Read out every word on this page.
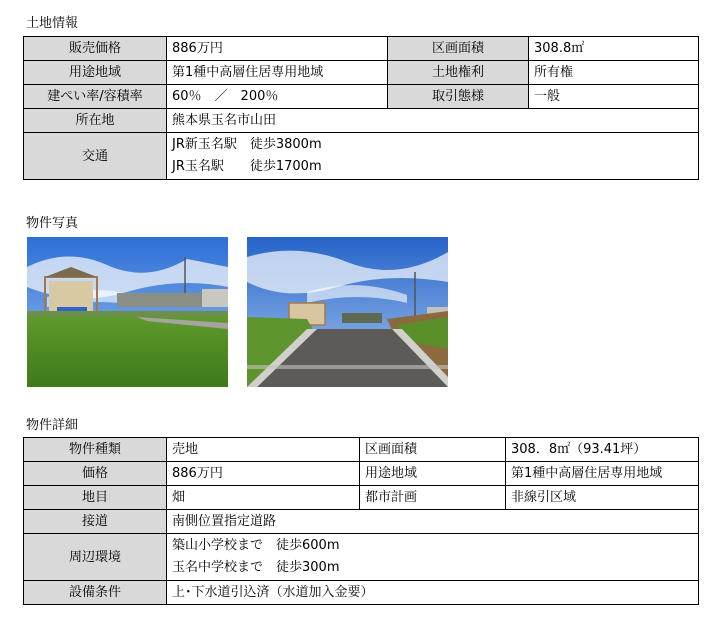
土地情報
販売価格	886万円	区画面積	308.8㎡
用途地域	第1種中高層住居専用地域	土地権利	所有権
建ぺい率/容積率	60％　／　200％	取引態様	一般
所在地	熊本県玉名市山田		
交通	JR新玉名駅　徒歩3800m
JR玉名駅　　徒歩1700m		
物件写真
物件詳細
物件種類	売地	区画面積	308．8㎡（93.41坪）
価格	886万円	用途地域	第1種中高層住居専用地域
地目	畑	都市計画	非線引区域
接道	南側位置指定道路		
周辺環境	築山小学校まで　徒歩600m
玉名中学校まで　徒歩300m		

設備条件	上･下水道引込済（水道加入金要）		
